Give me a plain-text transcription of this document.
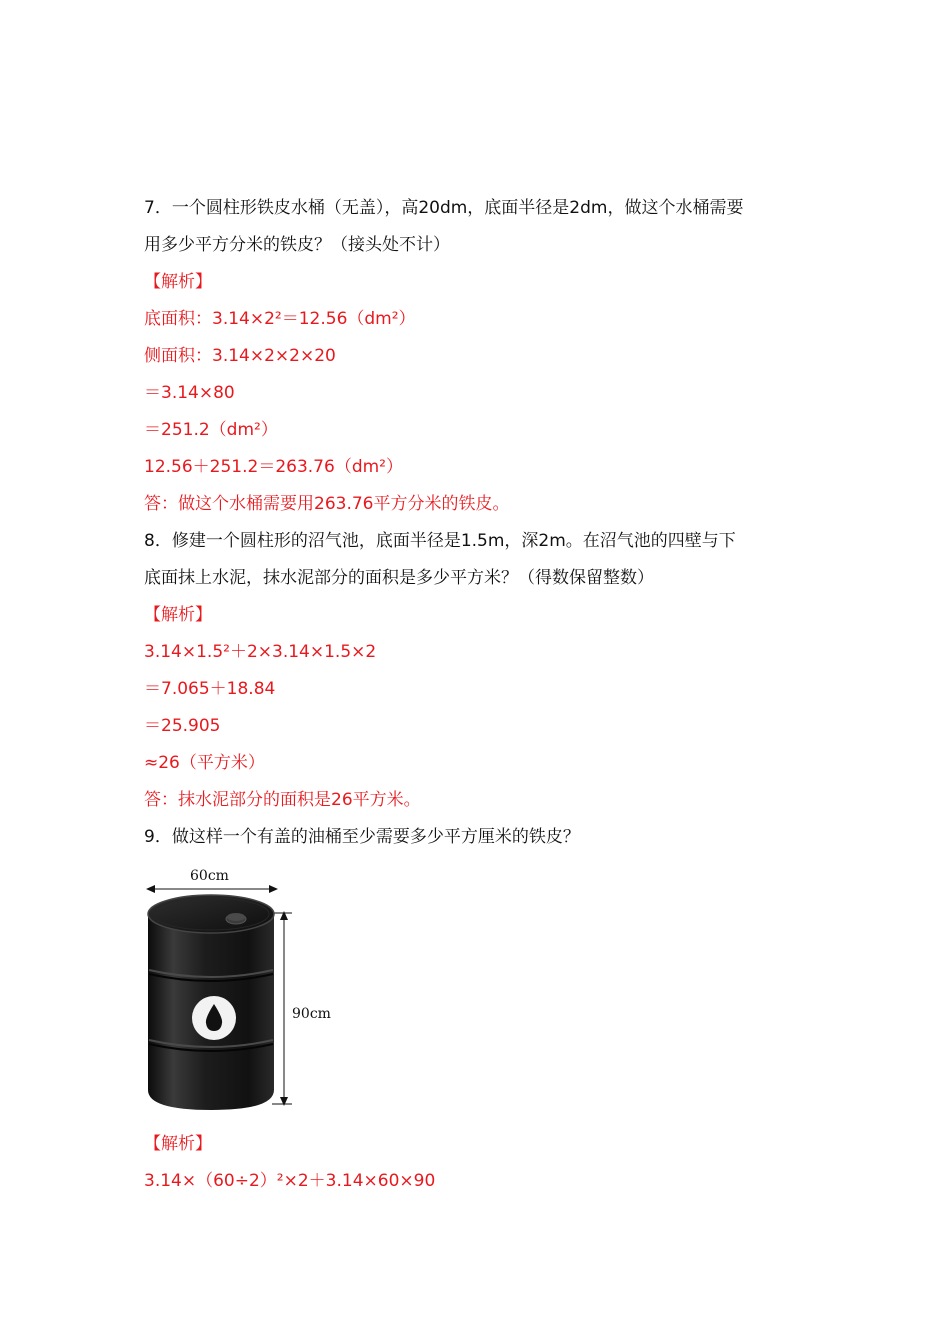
7．一个圆柱形铁皮水桶（无盖），高20dm，底面半径是2dm，做这个水桶需要
用多少平方分米的铁皮？（接头处不计）
【解析】
底面积：3.14×2²＝12.56（dm²）
侧面积：3.14×2×2×20
＝3.14×80
＝251.2（dm²）
12.56＋251.2＝263.76（dm²）
答：做这个水桶需要用263.76平方分米的铁皮。
8．修建一个圆柱形的沼气池，底面半径是1.5m，深2m。在沼气池的四壁与下
底面抹上水泥，抹水泥部分的面积是多少平方米？（得数保留整数）
【解析】
3.14×1.5²＋2×3.14×1.5×2
＝7.065＋18.84
＝25.905
≈26（平方米）
答：抹水泥部分的面积是26平方米。
9．做这样一个有盖的油桶至少需要多少平方厘米的铁皮？
60cm
90cm
【解析】
3.14×（60÷2）²×2＋3.14×60×90
